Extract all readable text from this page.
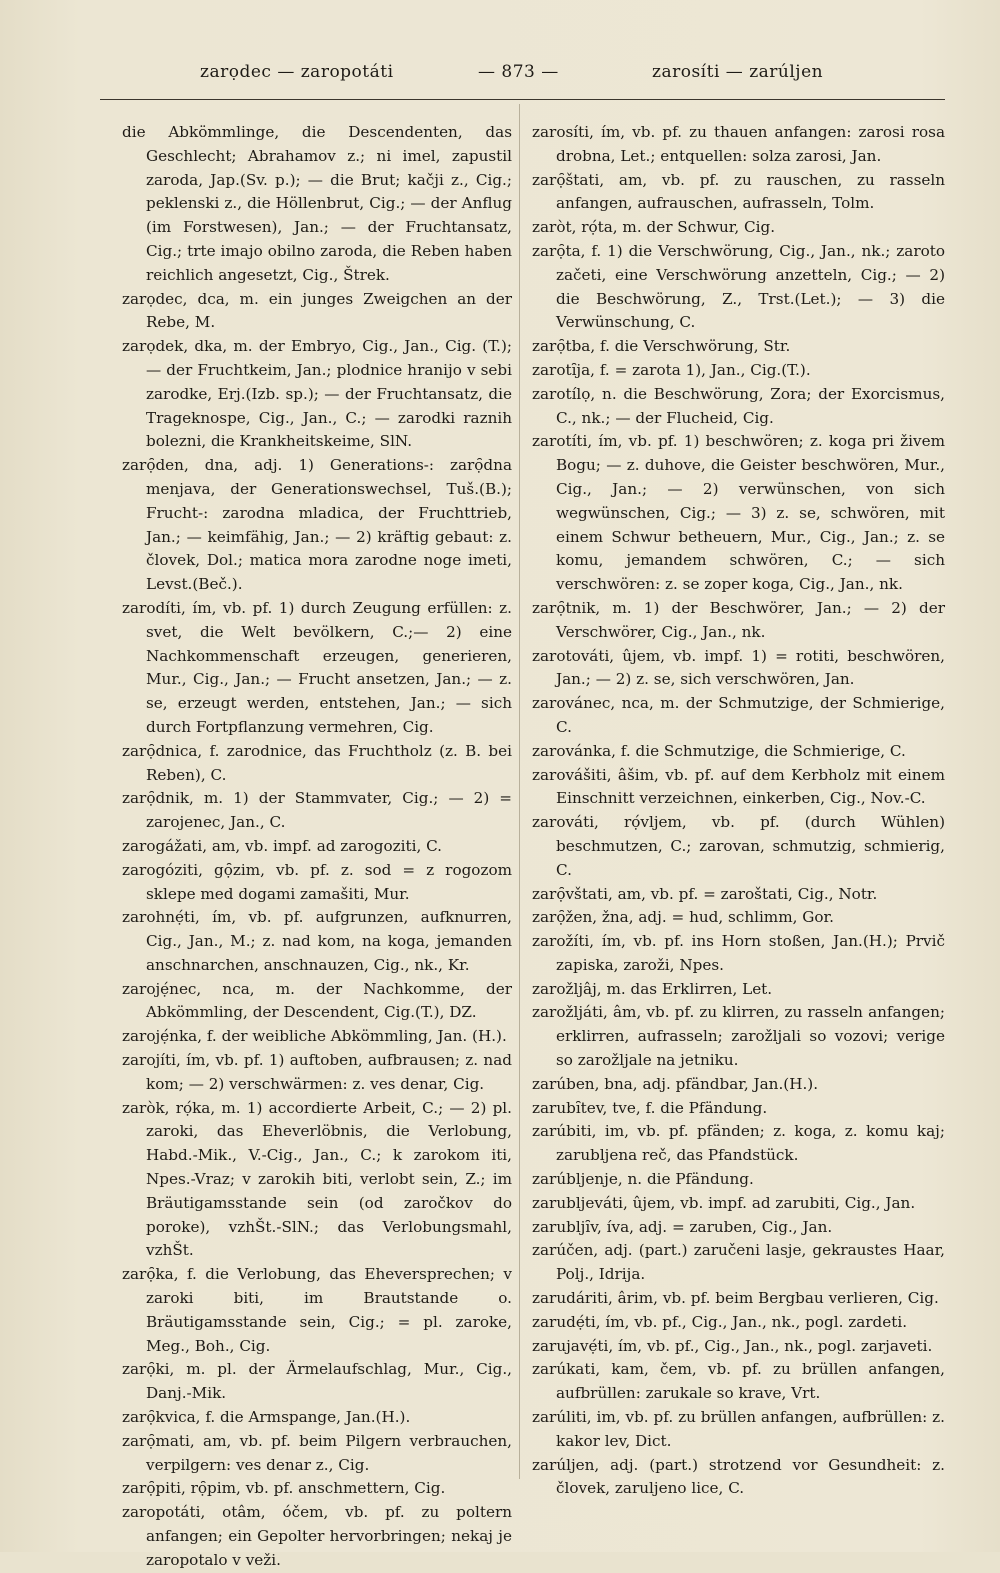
zarọdec — zaropotáti	— 873 —	zarosíti — zarúljen

die Abkömmlinge, die Descendenten, das Geschlecht; Abrahamov z.; ni imel, zapustil zaroda, Jap.(Sv. p.); — die Brut; kačji z., Cig.; peklenski z., die Höllenbrut, Cig.; — der Anflug (im Forstwesen), Jan.; — der Fruchtansatz, Cig.; trte imajo obilno zaroda, die Reben haben reichlich angesetzt, Cig., Štrek.

zarọdec, dca, m. ein junges Zweigchen an der Rebe, M.

zarọdek, dka, m. der Embryo, Cig., Jan., Cig. (T.); — der Fruchtkeim, Jan.; plodnice hranijo v sebi zarodke, Erj.(Izb. sp.); — der Fruchtansatz, die Trageknospe, Cig., Jan., C.; — zarodki raznih bolezni, die Krankheitskeime, SlN.

zarọ̑den, dna, adj. 1) Generations-: zarọ̑dna menjava, der Generationswechsel, Tuš.(B.); Frucht-: zarodna mladica, der Fruchttrieb, Jan.; — keimfähig, Jan.; — 2) kräftig gebaut: z. človek, Dol.; matica mora zarodne noge imeti, Levst.(Beč.).

zarodíti, ím, vb. pf. 1) durch Zeugung erfüllen: z. svet, die Welt bevölkern, C.;— 2) eine Nachkommenschaft erzeugen, generieren, Mur., Cig., Jan.; — Frucht ansetzen, Jan.; — z. se, erzeugt werden, entstehen, Jan.; — sich durch Fortpflanzung vermehren, Cig.

zarọ̑dnica, f. zarodnice, das Fruchtholz (z. B. bei Reben), C.

zarọ̑dnik, m. 1) der Stammvater, Cig.; — 2) = zarojenec, Jan., C.

zarogážati, am, vb. impf. ad zarogoziti, C.

zarogóziti, gọ̑zim, vb. pf. z. sod = z rogozom sklepe med dogami zamašiti, Mur.

zarohnẹ́ti, ím, vb. pf. aufgrunzen, aufknurren, Cig., Jan., M.; z. nad kom, na koga, jemanden anschnarchen, anschnauzen, Cig., nk., Kr.

zarojẹ́nec, nca, m. der Nachkomme, der Abkömmling, der Descendent, Cig.(T.), DZ.

zarojẹ́nka, f. der weibliche Abkömmling, Jan. (H.).

zarojíti, ím, vb. pf. 1) auftoben, aufbrausen; z. nad kom; — 2) verschwärmen: z. ves denar, Cig.

zaròk, rọ́ka, m. 1) accordierte Arbeit, C.; — 2) pl. zaroki, das Eheverlöbnis, die Verlobung, Habd.-Mik., V.-Cig., Jan., C.; k zarokom iti, Npes.-Vraz; v zarokih biti, verlobt sein, Z.; im Bräutigamsstande sein (od zaročkov do poroke), vzhŠt.-SlN.; das Verlobungsmahl, vzhŠt.

zarọ̑ka, f. die Verlobung, das Eheversprechen; v zaroki biti, im Brautstande o. Bräutigamsstande sein, Cig.; = pl. zaroke, Meg., Boh., Cig.

zarọ̑ki, m. pl. der Ärmelaufschlag, Mur., Cig., Danj.-Mik.

zarọ̑kvica, f. die Armspange, Jan.(H.).

zarọ̑mati, am, vb. pf. beim Pilgern verbrauchen, verpilgern: ves denar z., Cig.

zarọ̑piti, rọ̑pim, vb. pf. anschmettern, Cig.

zaropotáti, otâm, óčem, vb. pf. zu poltern anfangen; ein Gepolter hervorbringen; nekaj je zaropotalo v veži.

zarosíti, ím, vb. pf. zu thauen anfangen: zarosi rosa drobna, Let.; entquellen: solza zarosi, Jan.

zarọ̑štati, am, vb. pf. zu rauschen, zu rasseln anfangen, aufrauschen, aufrasseln, Tolm.

zaròt, rọ́ta, m. der Schwur, Cig.

zarọ̑ta, f. 1) die Verschwörung, Cig., Jan., nk.; zaroto začeti, eine Verschwörung anzetteln, Cig.; — 2) die Beschwörung, Z., Trst.(Let.); — 3) die Verwünschung, C.

zarọ̑tba, f. die Verschwörung, Str.

zarotȋja, f. = zarota 1), Jan., Cig.(T.).

zarotílọ, n. die Beschwörung, Zora; der Exorcismus, C., nk.; — der Flucheid, Cig.

zarotíti, ím, vb. pf. 1) beschwören; z. koga pri živem Bogu; — z. duhove, die Geister beschwören, Mur., Cig., Jan.; — 2) verwünschen, von sich wegwünschen, Cig.; — 3) z. se, schwören, mit einem Schwur betheuern, Mur., Cig., Jan.; z. se komu, jemandem schwören, C.; — sich verschwören: z. se zoper koga, Cig., Jan., nk.

zarọ̑tnik, m. 1) der Beschwörer, Jan.; — 2) der Verschwörer, Cig., Jan., nk.

zarotováti, ûjem, vb. impf. 1) = rotiti, beschwören, Jan.; — 2) z. se, sich verschwören, Jan.

zarovánec, nca, m. der Schmutzige, der Schmierige, C.

zarovánka, f. die Schmutzige, die Schmierige, C.

zarovášiti, âšim, vb. pf. auf dem Kerbholz mit einem Einschnitt verzeichnen, einkerben, Cig., Nov.-C.

zarováti, rọ́vljem, vb. pf. (durch Wühlen) beschmutzen, C.; zarovan, schmutzig, schmierig, C.

zarọ̑vštati, am, vb. pf. = zaroštati, Cig., Notr.

zarọ̑žen, žna, adj. = hud, schlimm, Gor.

zarožíti, ím, vb. pf. ins Horn stoßen, Jan.(H.); Prvič zapiska, zaroži, Npes.

zarožljâj, m. das Erklirren, Let.

zarožljáti, âm, vb. pf. zu klirren, zu rasseln anfangen; erklirren, aufrasseln; zarožljali so vozovi; verige so zarožljale na jetniku.

zarúben, bna, adj. pfändbar, Jan.(H.).

zarubȋtev, tve, f. die Pfändung.

zarúbiti, im, vb. pf. pfänden; z. koga, z. komu kaj; zarubljena reč, das Pfandstück.

zarúbljenje, n. die Pfändung.

zarubljeváti, ûjem, vb. impf. ad zarubiti, Cig., Jan.

zarubljȋv, íva, adj. = zaruben, Cig., Jan.

zarúčen, adj. (part.) zaručeni lasje, gekraustes Haar, Polj., Idrija.

zarudáriti, ârim, vb. pf. beim Bergbau verlieren, Cig.

zarudẹ́ti, ím, vb. pf., Cig., Jan., nk., pogl. zardeti.

zarujavẹ́ti, ím, vb. pf., Cig., Jan., nk., pogl. zarjaveti.

zarúkati, kam, čem, vb. pf. zu brüllen anfangen, aufbrüllen: zarukale so krave, Vrt.

zarúliti, im, vb. pf. zu brüllen anfangen, aufbrüllen: z. kakor lev, Dict.

zarúljen, adj. (part.) strotzend vor Gesundheit: z. človek, zaruljeno lice, C.
